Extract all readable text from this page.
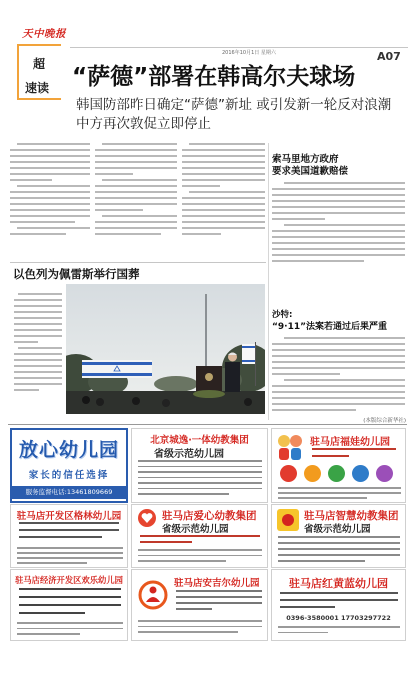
天中晚报
超
速读
2016年10月1日 星期六	A07
“萨德”部署在韩高尔夫球场
韩国防部昨日确定“萨德”新址 或引发新一轮反对浪潮
中方再次敦促立即停止
索马里地方政府
要求美国道歉赔偿
沙特:
“9·11”法案若通过后果严重
(本版综合新华社)
以色列为佩雷斯举行国葬
放心幼儿园
家长的信任选择
服务监督电话:13461809669
北京城逸·一体幼教集团
省级示范幼儿园
驻马店福娃幼儿园
驻马店开发区格林幼儿园	驻马店爱心幼教集团
省级示范幼儿园
驻马店智慧幼教集团
省级示范幼儿园
驻马店经济开发区欢乐幼儿园	驻马店安吉尔幼儿园	驻马店红黄蓝幼儿园
0396-3580001 17703297722
